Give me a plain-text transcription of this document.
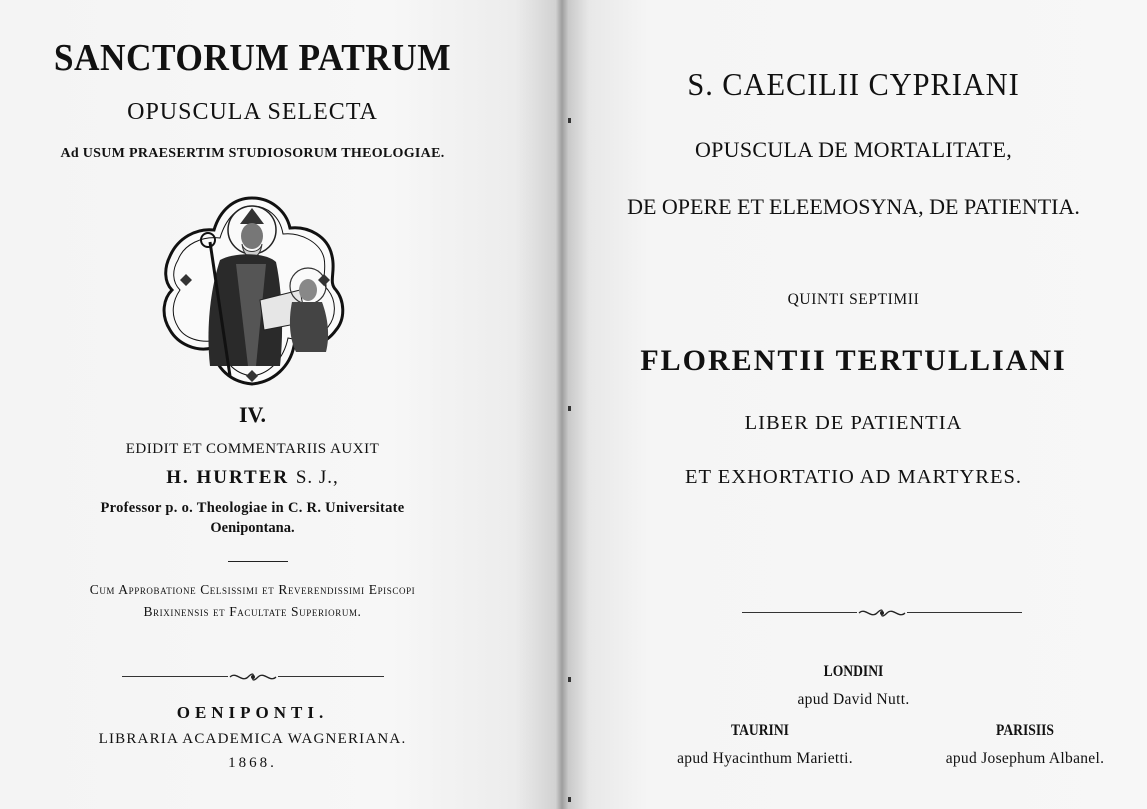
SANCTORUM PATRUM
OPUSCULA SELECTA
Ad USUM PRAESERTIM STUDIOSORUM THEOLOGIAE.
IV.
EDIDIT ET COMMENTARIIS AUXIT
H. HURTER S. J.,
Professor p. o. Theologiae in C. R. Universitate
Oenipontana.
Cum Approbatione Celsissimi et Reverendissimi Episcopi
Brixinensis et Facultate Superiorum.
OENIPONTI.
LIBRARIA ACADEMICA WAGNERIANA.
1868.
S. CAECILII CYPRIANI
OPUSCULA DE MORTALITATE,
DE OPERE ET ELEEMOSYNA, DE PATIENTIA.
QUINTI SEPTIMII
FLORENTII TERTULLIANI
LIBER DE PATIENTIA
ET EXHORTATIO AD MARTYRES.
LONDINI
apud David Nutt.
TAURINI
apud Hyacinthum Marietti.
PARISIIS
apud Josephum Albanel.
